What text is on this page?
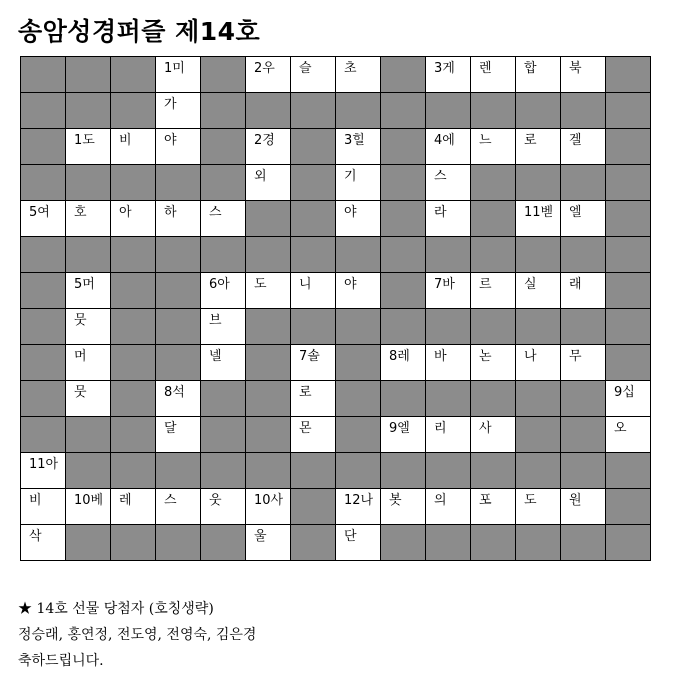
송암성경퍼즐 제14호

			1미		2우	슬	초		3게	렌	합	북	

			가										

	1도	비	야		2경		3힐		4에	느	로	겔	

					외		기		스				

5여	호	아	하	스			야		라		11벧	엘	

	5머			6아	도	니	야		7바	르	실	래	

	뭇			브									

	머			넬		7솔		8레	바	논	나	무	

	뭇		8석			로							9십

			달			몬		9엘	리	사			오

11아													

비	10베	레	스	웃	10사		12나	봇	의	포	도	원	

삭					울		단						

★ 14호 선물 당첨자 (호칭생략)
정승래, 홍연정, 전도영, 전영숙, 김은경
축하드립니다.
